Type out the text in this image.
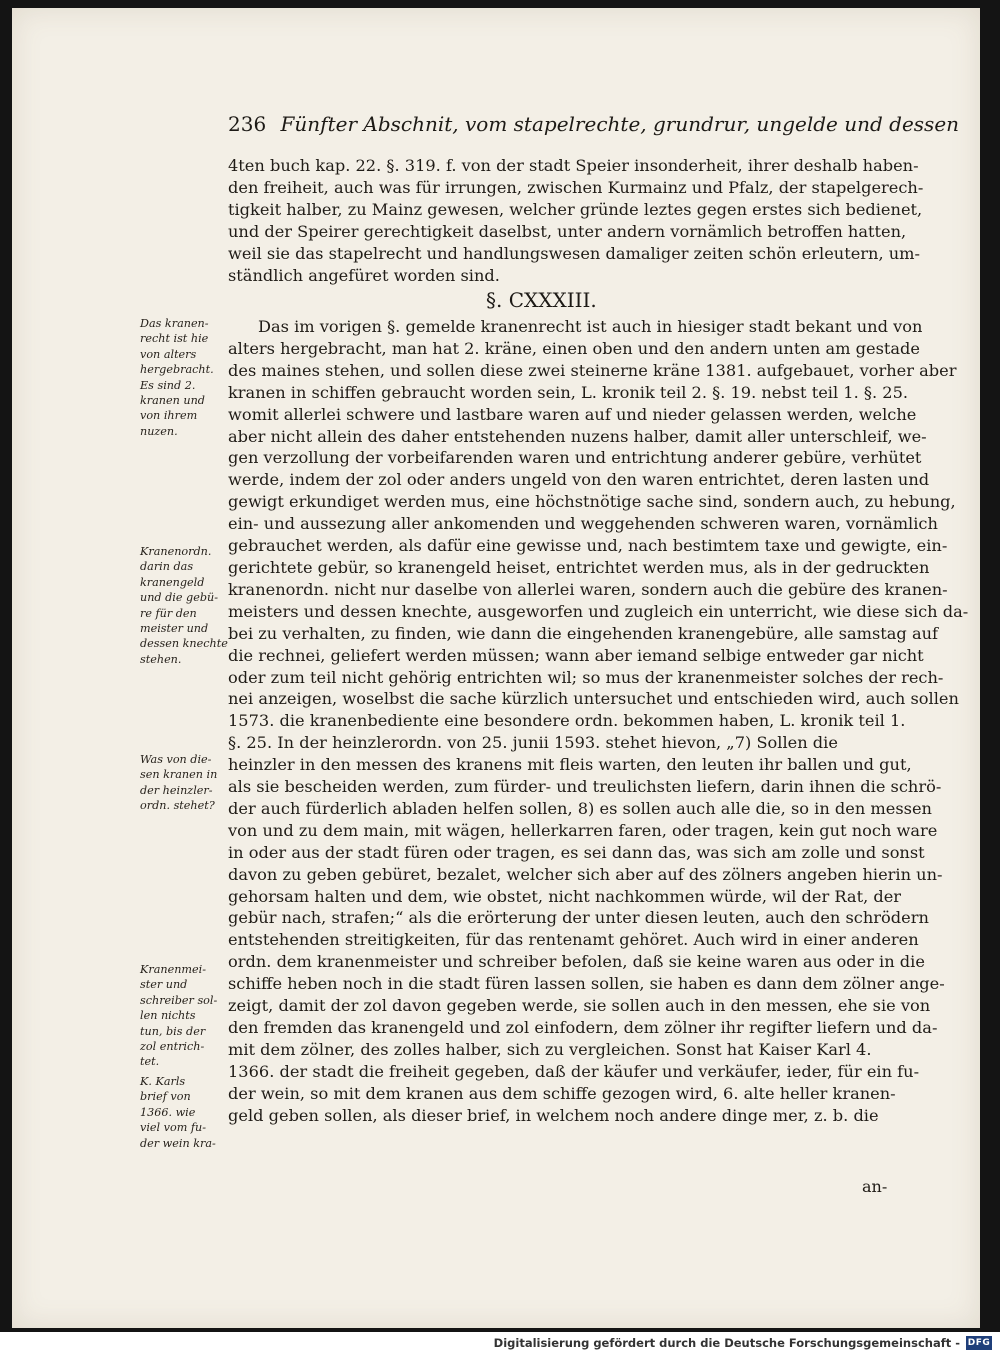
236 Fünfter Abschnit, vom stapelrechte, grundrur, ungelde und dessen
4ten buch kap. 22. §. 319. f. von der stadt Speier insonderheit, ihrer deshalb haben-
den freiheit, auch was für irrungen, zwischen Kurmainz und Pfalz, der stapelgerech-
tigkeit halber, zu Mainz gewesen, welcher gründe leztes gegen erstes sich bedienet,
und der Speirer gerechtigkeit daselbst, unter andern vornämlich betroffen hatten,
weil sie das stapelrecht und handlungswesen damaliger zeiten schön erleutern, um-
ständlich angefüret worden sind.
§. CXXXIII.
Das im vorigen §. gemelde kranenrecht ist auch in hiesiger stadt bekant und von
alters hergebracht, man hat 2. kräne, einen oben und den andern unten am gestade
des maines stehen, und sollen diese zwei steinerne kräne 1381. aufgebauet, vorher aber
kranen in schiffen gebraucht worden sein, L. kronik teil 2. §. 19. nebst teil 1. §. 25.
womit allerlei schwere und lastbare waren auf und nieder gelassen werden, welche
aber nicht allein des daher entstehenden nuzens halber, damit aller unterschleif, we-
gen verzollung der vorbeifarenden waren und entrichtung anderer gebüre, verhütet
werde, indem der zol oder anders ungeld von den waren entrichtet, deren lasten und
gewigt erkundiget werden mus, eine höchstnötige sache sind, sondern auch, zu hebung,
ein- und aussezung aller ankomenden und weggehenden schweren waren, vornämlich
gebrauchet werden, als dafür eine gewisse und, nach bestimtem taxe und gewigte, ein-
gerichtete gebür, so kranengeld heiset, entrichtet werden mus, als in der gedruckten
kranenordn. nicht nur daselbe von allerlei waren, sondern auch die gebüre des kranen-
meisters und dessen knechte, ausgeworfen und zugleich ein unterricht, wie diese sich da-
bei zu verhalten, zu finden, wie dann die eingehenden kranengebüre, alle samstag auf
die rechnei, geliefert werden müssen; wann aber iemand selbige entweder gar nicht
oder zum teil nicht gehörig entrichten wil; so mus der kranenmeister solches der rech-
nei anzeigen, woselbst die sache kürzlich untersuchet und entschieden wird, auch sollen
1573. die kranenbediente eine besondere ordn. bekommen haben, L. kronik teil 1.
§. 25. In der heinzlerordn. von 25. junii 1593. stehet hievon, „7) Sollen die
heinzler in den messen des kranens mit fleis warten, den leuten ihr ballen und gut,
als sie bescheiden werden, zum fürder- und treulichsten liefern, darin ihnen die schrö-
der auch fürderlich abladen helfen sollen, 8) es sollen auch alle die, so in den messen
von und zu dem main, mit wägen, hellerkarren faren, oder tragen, kein gut noch ware
in oder aus der stadt füren oder tragen, es sei dann das, was sich am zolle und sonst
davon zu geben gebüret, bezalet, welcher sich aber auf des zölners angeben hierin un-
gehorsam halten und dem, wie obstet, nicht nachkommen würde, wil der Rat, der
gebür nach, strafen;“ als die erörterung der unter diesen leuten, auch den schrödern
entstehenden streitigkeiten, für das rentenamt gehöret. Auch wird in einer anderen
ordn. dem kranenmeister und schreiber befolen, daß sie keine waren aus oder in die
schiffe heben noch in die stadt füren lassen sollen, sie haben es dann dem zölner ange-
zeigt, damit der zol davon gegeben werde, sie sollen auch in den messen, ehe sie von
den fremden das kranengeld und zol einfodern, dem zölner ihr regifter liefern und da-
mit dem zölner, des zolles halber, sich zu vergleichen. Sonst hat Kaiser Karl 4.
1366. der stadt die freiheit gegeben, daß der käufer und verkäufer, ieder, für ein fu-
der wein, so mit dem kranen aus dem schiffe gezogen wird, 6. alte heller kranen-
geld geben sollen, als dieser brief, in welchem noch andere dinge mer, z. b. die
an-
Das kranen-
recht ist hie
von alters
hergebracht.
Es sind 2.
kranen und
von ihrem
nuzen.
Kranenordn.
darin das
kranengeld
und die gebü-
re für den
meister und
dessen knechte
stehen.
Was von die-
sen kranen in
der heinzler-
ordn. stehet?
Kranenmei-
ster und
schreiber sol-
len nichts
tun, bis der
zol entrich-
tet.
K. Karls
brief von
1366. wie
viel vom fu-
der wein kra-
Digitalisierung gefördert durch die Deutsche Forschungsgemeinschaft - DFG
